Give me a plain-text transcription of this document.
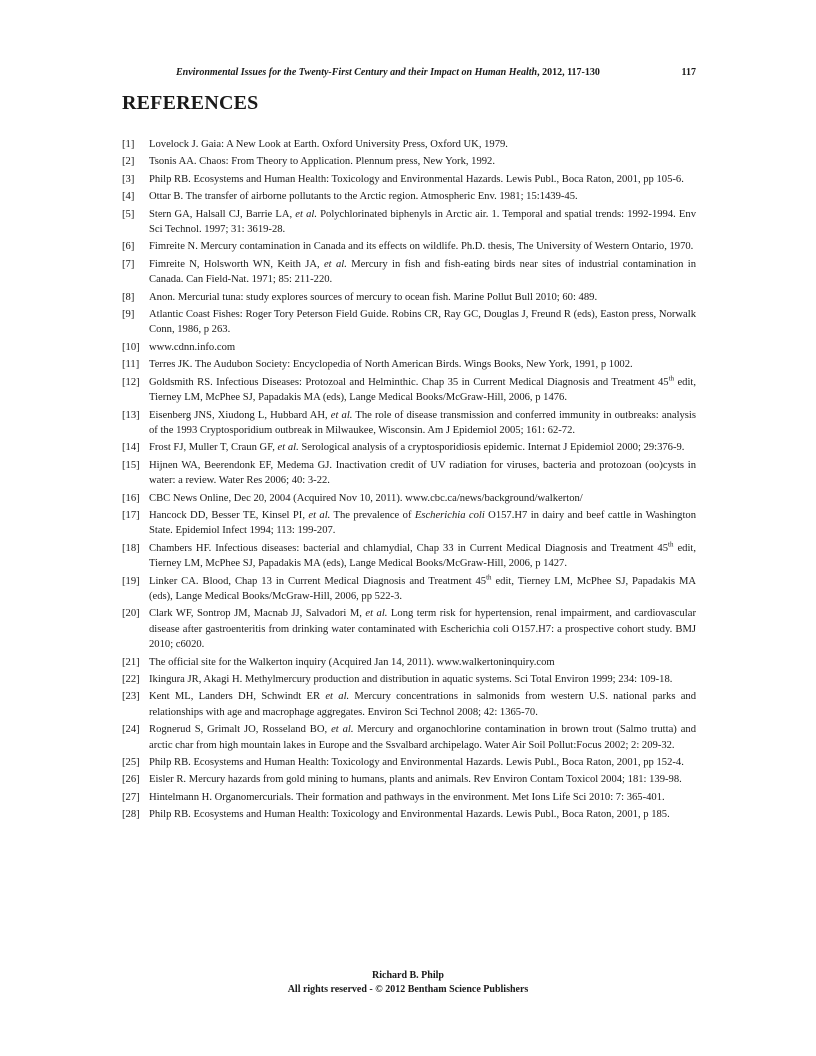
Environmental Issues for the Twenty-First Century and their Impact on Human Health, 2012, 117-130	117
REFERENCES
[1]	Lovelock J. Gaia: A New Look at Earth. Oxford University Press, Oxford UK, 1979.
[2]	Tsonis AA. Chaos: From Theory to Application. Plennum press, New York, 1992.
[3]	Philp RB. Ecosystems and Human Health: Toxicology and Environmental Hazards. Lewis Publ., Boca Raton, 2001, pp 105-6.
[4]	Ottar B. The transfer of airborne pollutants to the Arctic region. Atmospheric Env. 1981; 15:1439-45.
[5]	Stern GA, Halsall CJ, Barrie LA, et al. Polychlorinated biphenyls in Arctic air. 1. Temporal and spatial trends: 1992-1994. Env Sci Technol. 1997; 31: 3619-28.
[6]	Fimreite N. Mercury contamination in Canada and its effects on wildlife. Ph.D. thesis, The University of Western Ontario, 1970.
[7]	Fimreite N, Holsworth WN, Keith JA, et al. Mercury in fish and fish-eating birds near sites of industrial contamination in Canada. Can Field-Nat. 1971; 85: 211-220.
[8]	Anon. Mercurial tuna: study explores sources of mercury to ocean fish. Marine Pollut Bull 2010; 60: 489.
[9]	Atlantic Coast Fishes: Roger Tory Peterson Field Guide. Robins CR, Ray GC, Douglas J, Freund R (eds), Easton press, Norwalk Conn, 1986, p 263.
[10] www.cdnn.info.com
[11] Terres JK. The Audubon Society: Encyclopedia of North American Birds. Wings Books, New York, 1991, p 1002.
[12] Goldsmith RS. Infectious Diseases: Protozoal and Helminthic. Chap 35 in Current Medical Diagnosis and Treatment 45th edit, Tierney LM, McPhee SJ, Papadakis MA (eds), Lange Medical Books/McGraw-Hill, 2006, p 1476.
[13] Eisenberg JNS, Xiudong L, Hubbard AH, et al. The role of disease transmission and conferred immunity in outbreaks: analysis of the 1993 Cryptosporidium outbreak in Milwaukee, Wisconsin. Am J Epidemiol 2005; 161: 62-72.
[14] Frost FJ, Muller T, Craun GF, et al. Serological analysis of a cryptosporidiosis epidemic. Internat J Epidemiol 2000; 29:376-9.
[15] Hijnen WA, Beerendonk EF, Medema GJ. Inactivation credit of UV radiation for viruses, bacteria and protozoan (oo)cysts in water: a review. Water Res 2006; 40: 3-22.
[16] CBC News Online, Dec 20, 2004 (Acquired Nov 10, 2011). www.cbc.ca/news/background/walkerton/
[17] Hancock DD, Besser TE, Kinsel PI, et al. The prevalence of Escherichia coli O157.H7 in dairy and beef cattle in Washington State. Epidemiol Infect 1994; 113: 199-207.
[18] Chambers HF. Infectious diseases: bacterial and chlamydial, Chap 33 in Current Medical Diagnosis and Treatment 45th edit, Tierney LM, McPhee SJ, Papadakis MA (eds), Lange Medical Books/McGraw-Hill, 2006, p 1427.
[19] Linker CA. Blood, Chap 13 in Current Medical Diagnosis and Treatment 45th edit, Tierney LM, McPhee SJ, Papadakis MA (eds), Lange Medical Books/McGraw-Hill, 2006, pp 522-3.
[20] Clark WF, Sontrop JM, Macnab JJ, Salvadori M, et al. Long term risk for hypertension, renal impairment, and cardiovascular disease after gastroenteritis from drinking water contaminated with Escherichia coli O157.H7: a prospective cohort study. BMJ 2010; c6020.
[21] The official site for the Walkerton inquiry (Acquired Jan 14, 2011). www.walkertoninquiry.com
[22] Ikingura JR, Akagi H. Methylmercury production and distribution in aquatic systems. Sci Total Environ 1999; 234: 109-18.
[23] Kent ML, Landers DH, Schwindt ER et al. Mercury concentrations in salmonids from western U.S. national parks and relationships with age and macrophage aggregates. Environ Sci Technol 2008; 42: 1365-70.
[24] Rognerud S, Grimalt JO, Rosseland BO, et al. Mercury and organochlorine contamination in brown trout (Salmo trutta) and arctic char from high mountain lakes in Europe and the Ssvalbard archipelago. Water Air Soil Pollut:Focus 2002; 2: 209-32.
[25] Philp RB. Ecosystems and Human Health: Toxicology and Environmental Hazards. Lewis Publ., Boca Raton, 2001, pp 152-4.
[26] Eisler R. Mercury hazards from gold mining to humans, plants and animals. Rev Environ Contam Toxicol 2004; 181: 139-98.
[27] Hintelmann H. Organomercurials. Their formation and pathways in the environment. Met Ions Life Sci 2010: 7: 365-401.
[28] Philp RB. Ecosystems and Human Health: Toxicology and Environmental Hazards. Lewis Publ., Boca Raton, 2001, p 185.
Richard B. Philp
All rights reserved - © 2012 Bentham Science Publishers
